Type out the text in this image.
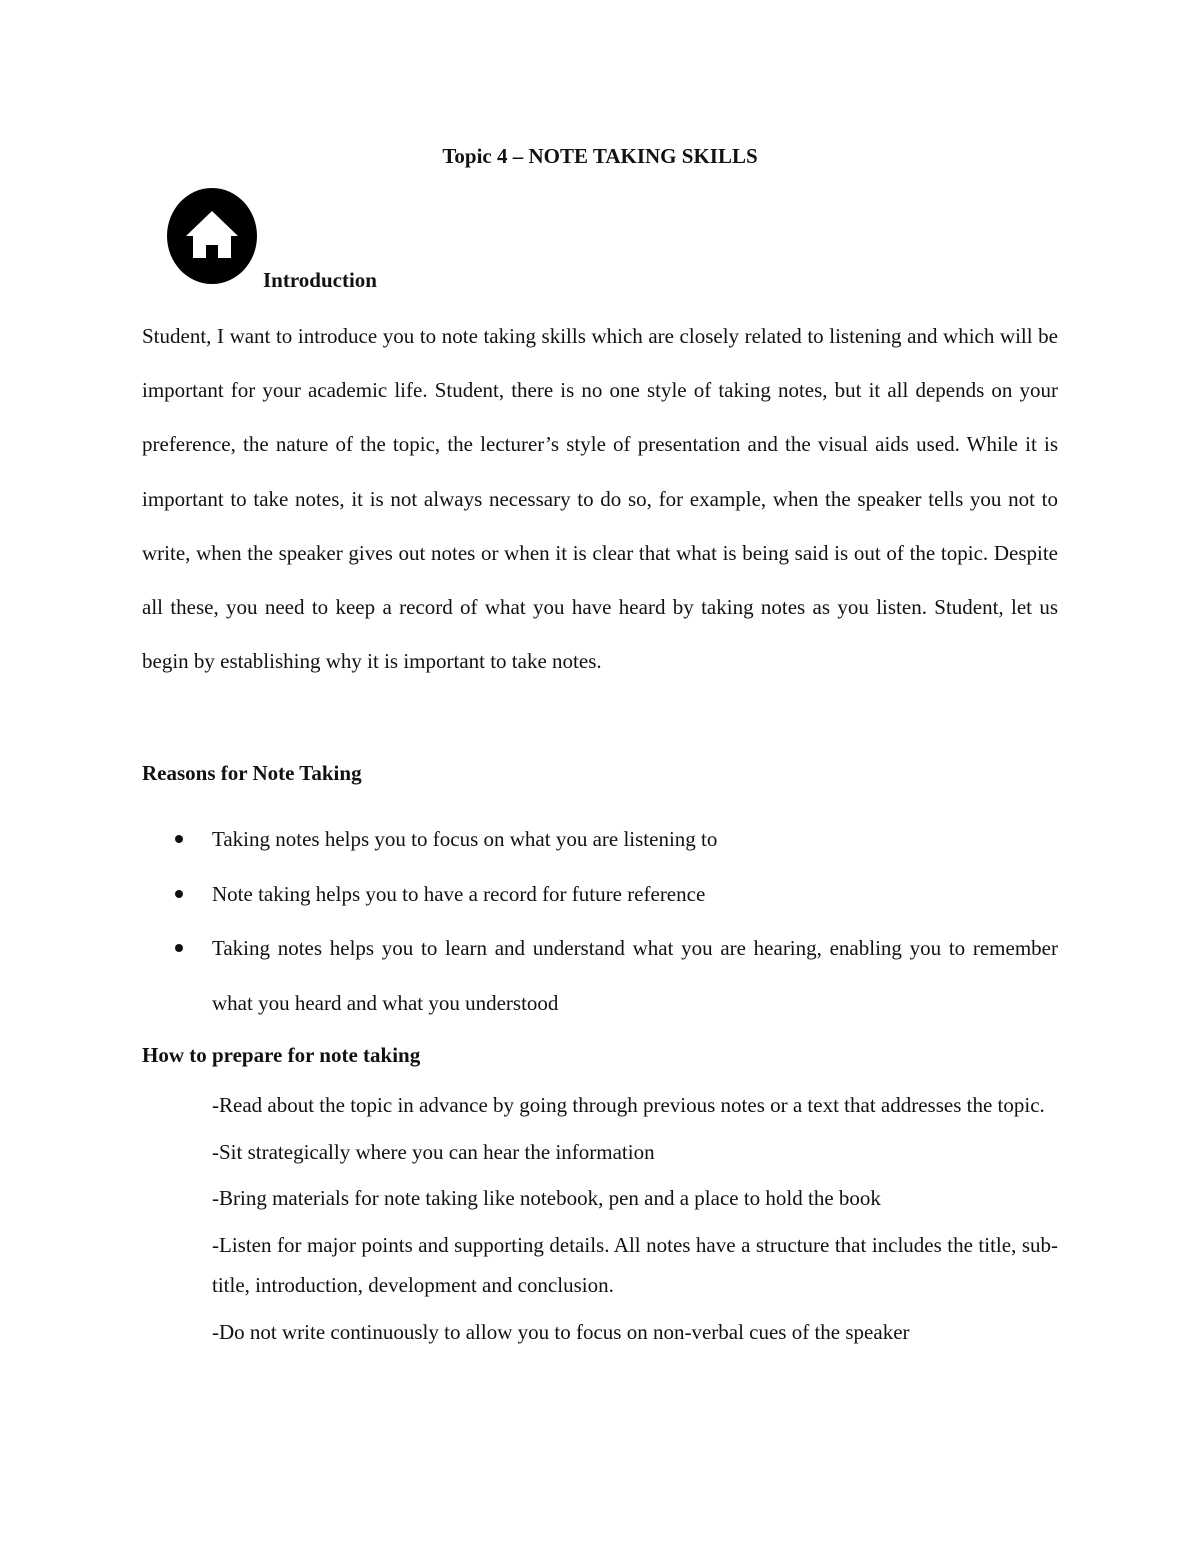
Topic 4 – NOTE TAKING SKILLS
Introduction

Student, I want to introduce you to note taking skills which are closely related to listening and which will be important for your academic life. Student, there is no one style of taking notes, but it all depends on your preference, the nature of the topic, the lecturer’s style of presentation and the visual aids used. While it is important to take notes, it is not always necessary to do so, for example, when the speaker tells you not to write, when the speaker gives out notes or when it is clear that what is being said is out of the topic. Despite all these, you need to keep a record of what you have heard by taking notes as you listen. Student, let us begin by establishing why it is important to take notes.

Reasons for Note Taking
Taking notes helps you to focus on what you are listening to
Note taking helps you to have a record for future reference
Taking notes helps you to learn and understand what you are hearing, enabling you to remember what you heard and what you understood
How to prepare for note taking
-Read about the topic in advance by going through previous notes or a text that addresses the topic.
-Sit strategically where you can hear the information
-Bring materials for note taking like notebook, pen and a place to hold the book
-Listen for major points and supporting details. All notes have a structure that includes the title, sub-title, introduction, development and conclusion.
-Do not write continuously to allow you to focus on non-verbal cues of the speaker
